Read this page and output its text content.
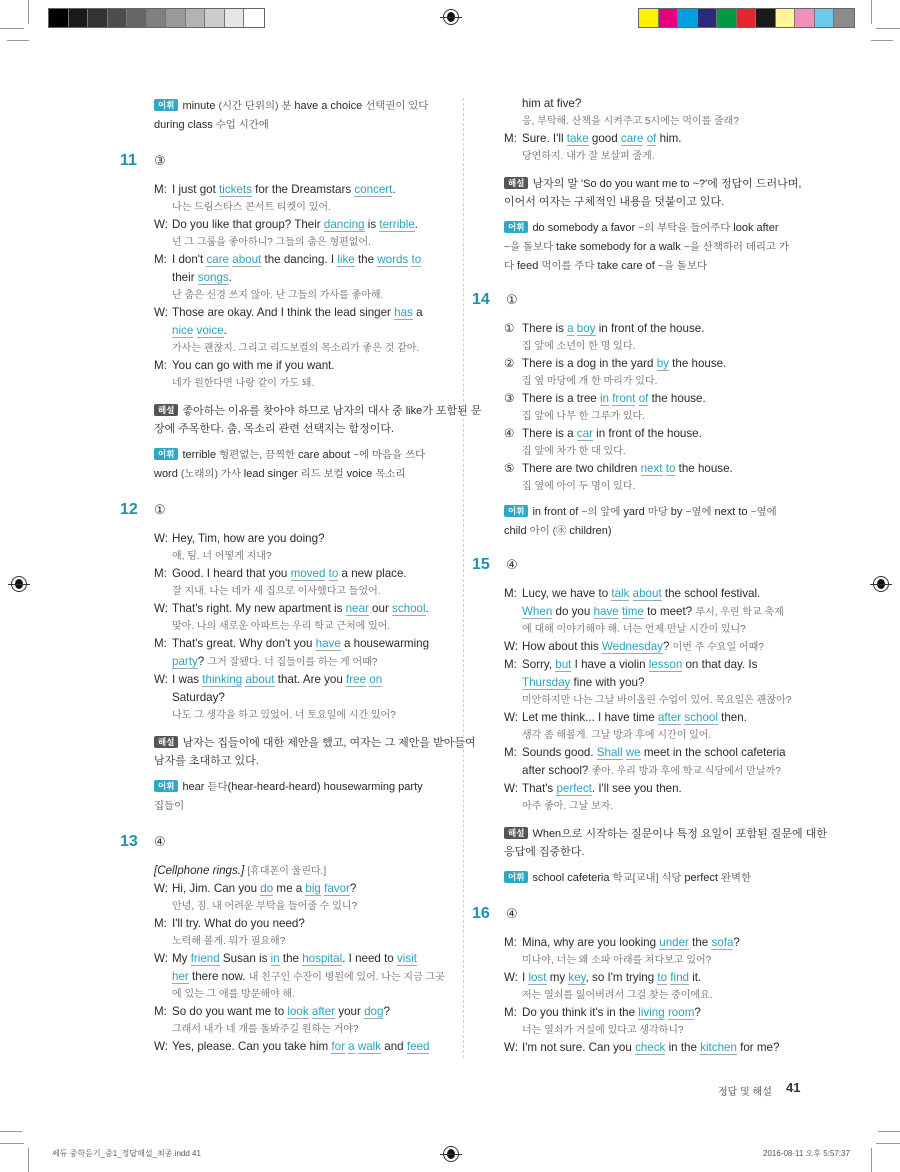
어휘 minute (시간 단위의) 분 have a choice 선택권이 있다
during class 수업 시간에
11	③
M: I just got tickets for the Dreamstars concert.
나는 드림스타스 콘서트 티켓이 있어.
W: Do you like that group? Their dancing is terrible.
넌 그 그룹을 좋아하니? 그들의 춤은 형편없어.
M: I don't care about the dancing. I like the words to
their songs.
난 춤은 신경 쓰지 않아. 난 그들의 가사를 좋아해.
W: Those are okay. And I think the lead singer has a
nice voice.
가사는 괜찮지. 그리고 리드보컬의 목소리가 좋은 것 같아.
M: You can go with me if you want.
네가 원한다면 나랑 같이 가도 돼.
해설 좋아하는 이유를 찾아야 하므로 남자의 대사 중 like가 포함된 문
장에 주목한다. 춤, 목소리 관련 선택지는 함정이다.
어휘 terrible 형편없는, 끔찍한 care about ~에 마음을 쓰다
word (노래의) 가사 lead singer 리드 보컬 voice 목소리
12	①
W: Hey, Tim, how are you doing?
얘, 팀. 너 어떻게 지내?
M: Good. I heard that you moved to a new place.
잘 지내. 나는 네가 새 집으로 이사했다고 들었어.
W: That's right. My new apartment is near our school.
맞아. 나의 새로운 아파트는 우리 학교 근처에 있어.
M: That's great. Why don't you have a housewarming
party? 그거 잘됐다. 너 집들이를 하는 게 어때?
W: I was thinking about that. Are you free on
Saturday?
나도 그 생각을 하고 있었어. 너 토요일에 시간 있어?
해설 남자는 집들이에 대한 제안을 했고, 여자는 그 제안을 받아들여
남자를 초대하고 있다.
어휘 hear 듣다(hear-heard-heard) housewarming party
집들이
13	④
[Cellphone rings.] [휴대폰이 울린다.]
W: Hi, Jim. Can you do me a big favor?
안녕, 짐. 내 어려운 부탁을 들어줄 수 있니?
M: I'll try. What do you need?
노력해 볼게. 뭐가 필요해?
W: My friend Susan is in the hospital. I need to visit
her there now. 내 친구인 수잔이 병원에 있어. 나는 지금 그곳
에 있는 그 애를 방문해야 해.
M: So do you want me to look after your dog?
그래서 내가 네 개를 돌봐주길 원하는 거야?
W: Yes, please. Can you take him for a walk and feed
him at five?
응, 부탁해. 산책을 시켜주고 5시에는 먹이를 줄래?
M: Sure. I'll take good care of him.
당연하지. 내가 잘 보살펴 줄게.
해설 남자의 말 'So do you want me to ~?'에 정답이 드러나며,
이어서 여자는 구체적인 내용을 덧붙이고 있다.
어휘 do somebody a favor ~의 부탁을 들어주다 look after
~을 돌보다 take somebody for a walk ~을 산책하러 데리고 가
다 feed 먹이를 주다 take care of ~을 돌보다
14	①
① There is a boy in front of the house.
집 앞에 소년이 한 명 있다.
② There is a dog in the yard by the house.
집 옆 마당에 개 한 마리가 있다.
③ There is a tree in front of the house.
집 앞에 나무 한 그루가 있다.
④ There is a car in front of the house.
집 앞에 차가 한 대 있다.
⑤ There are two children next to the house.
집 옆에 아이 두 명이 있다.
어휘 in front of ~의 앞에 yard 마당 by ~옆에 next to ~옆에
child 아이 (㊌ children)
15	④
M: Lucy, we have to talk about the school festival.
When do you have time to meet? 루시, 우린 학교 축제
에 대해 이야기해야 해. 너는 언제 만날 시간이 있니?
W: How about this Wednesday? 이번 주 수요일 어때?
M: Sorry, but I have a violin lesson on that day. Is
Thursday fine with you?
미안하지만 나는 그날 바이올린 수업이 있어. 목요일은 괜찮아?
W: Let me think... I have time after school then.
생각 좀 해볼게. 그날 방과 후에 시간이 있어.
M: Sounds good. Shall we meet in the school cafeteria
after school? 좋아. 우리 방과 후에 학교 식당에서 만날까?
W: That's perfect. I'll see you then.
아주 좋아. 그날 보자.
해설 When으로 시작하는 질문이나 특정 요일이 포함된 질문에 대한
응답에 집중한다.
어휘 school cafeteria 학교[교내] 식당 perfect 완벽한
16	④
M: Mina, why are you looking under the sofa?
미나야, 너는 왜 소파 아래를 쳐다보고 있어?
W: I lost my key, so I'm trying to find it.
저는 열쇠를 잃어버려서 그걸 찾는 중이에요.
M: Do you think it's in the living room?
너는 열쇠가 거실에 있다고 생각하니?
W: I'm not sure. Can you check in the kitchen for me?
정답 및 해설 41
쎄듀 중학듣기_중1_정답해설_최종.indd 41	2016-08-11 오후 5:57:37
